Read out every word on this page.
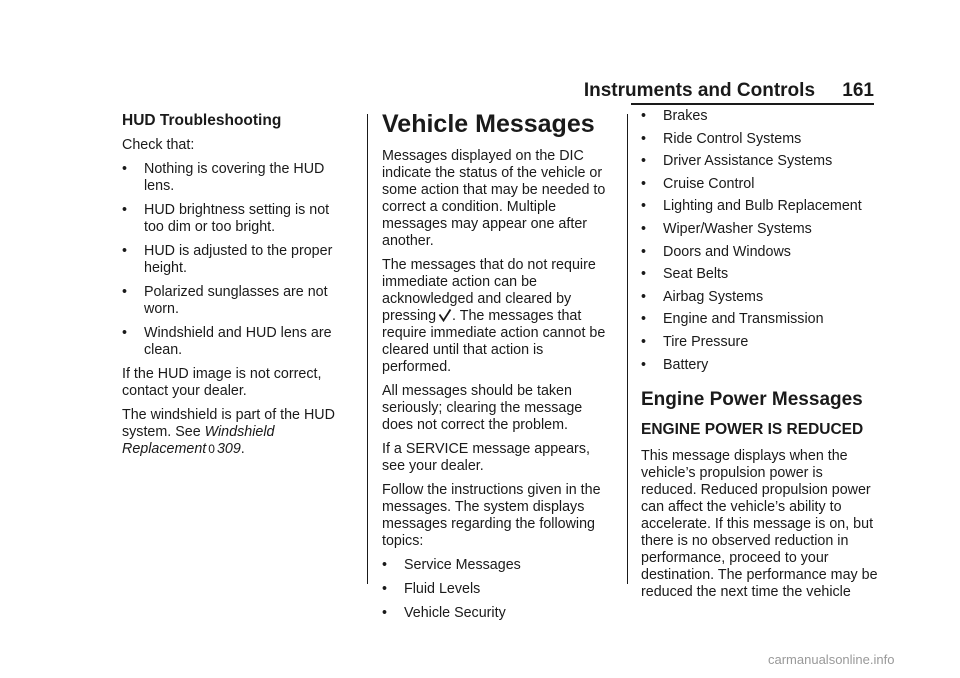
Instruments and Controls 161
HUD Troubleshooting

Check that:

•	Nothing is covering the HUD lens.
•	HUD brightness setting is not too dim or too bright.
•	HUD is adjusted to the proper height.
•	Polarized sunglasses are not worn.
•	Windshield and HUD lens are clean.

If the HUD image is not correct, contact your dealer.

The windshield is part of the HUD system. See Windshield Replacement 0 309.

Vehicle Messages

Messages displayed on the DIC indicate the status of the vehicle or some action that may be needed to correct a condition. Multiple messages may appear one after another.

The messages that do not require immediate action can be acknowledged and cleared by pressing . The messages that require immediate action cannot be cleared until that action is performed.

All messages should be taken seriously; clearing the message does not correct the problem.

If a SERVICE message appears, see your dealer.

Follow the instructions given in the messages. The system displays messages regarding the following topics:

•	Service Messages
•	Fluid Levels
•	Vehicle Security
•	Brakes
•	Ride Control Systems
•	Driver Assistance Systems
•	Cruise Control
•	Lighting and Bulb Replacement
•	Wiper/Washer Systems
•	Doors and Windows
•	Seat Belts
•	Airbag Systems
•	Engine and Transmission
•	Tire Pressure
•	Battery
Engine Power Messages
ENGINE POWER IS REDUCED

This message displays when the vehicle’s propulsion power is reduced. Reduced propulsion power can affect the vehicle’s ability to accelerate. If this message is on, but there is no observed reduction in performance, proceed to your destination. The performance may be reduced the next time the vehicle

carmanualsonline.info
